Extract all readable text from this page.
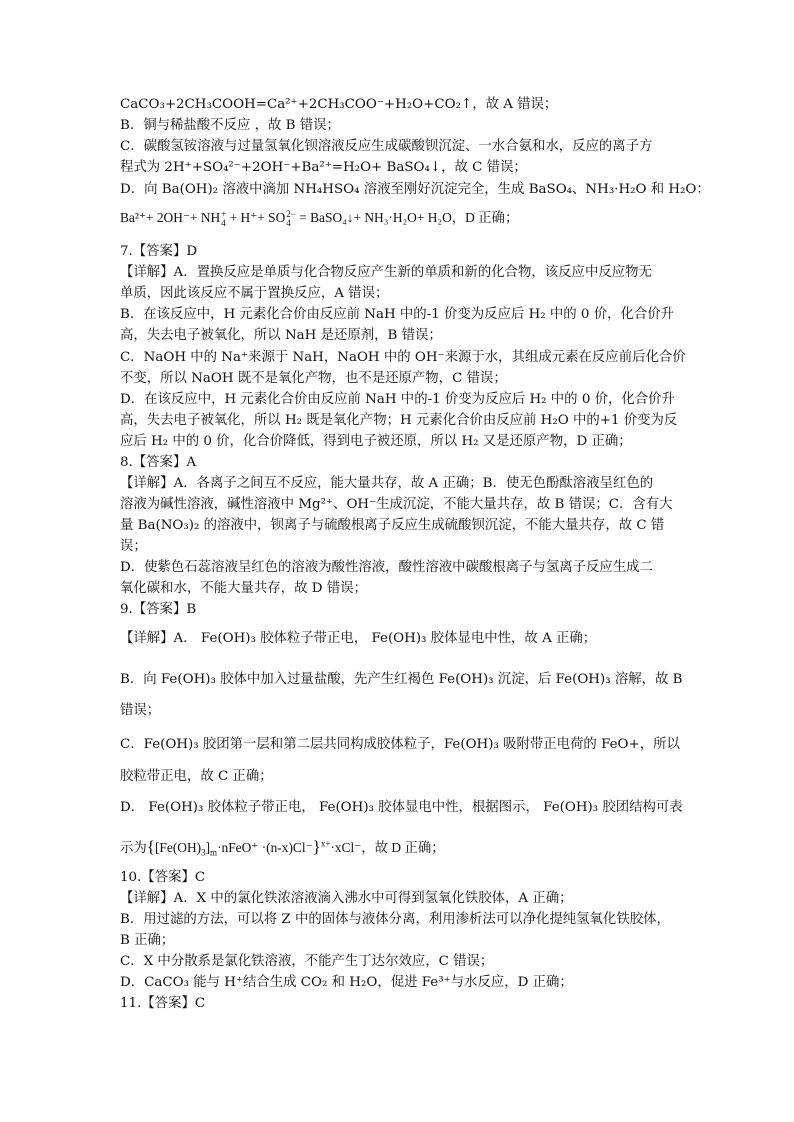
CaCO₃+2CH₃COOH=Ca²⁺+2CH₃COO⁻+H₂O+CO₂↑，故 A 错误；
B．铜与稀盐酸不反应 ，故 B 错误；
C．碳酸氢铵溶液与过量氢氧化钡溶液反应生成碳酸钡沉淀、一水合氨和水，反应的离子方
程式为 2H⁺+SO₄²⁻+2OH⁻+Ba²⁺=H₂O+ BaSO₄↓，故 C 错误；
D．向 Ba(OH)₂ 溶液中滴加 NH₄HSO₄ 溶液至刚好沉淀完全，生成 BaSO₄、NH₃·H₂O 和 H₂O：
Ba²⁺+ 2OH⁻+ NH +
4 + H⁺+ SO 2−
4 = BaSO₄↓+ NH₃·H₂O+ H₂O，D 正确；
7.【答案】D
【详解】A．置换反应是单质与化合物反应产生新的单质和新的化合物，该反应中反应物无
单质，因此该反应不属于置换反应，A 错误；
B．在该反应中，H 元素化合价由反应前 NaH 中的-1 价变为反应后 H₂ 中的 0 价，化合价升
高，失去电子被氧化，所以 NaH 是还原剂，B 错误；
C．NaOH 中的 Na⁺来源于 NaH，NaOH 中的 OH⁻来源于水，其组成元素在反应前后化合价
不变，所以 NaOH 既不是氧化产物，也不是还原产物，C 错误；
D．在该反应中，H 元素化合价由反应前 NaH 中的-1 价变为反应后 H₂ 中的 0 价，化合价升
高，失去电子被氧化，所以 H₂ 既是氧化产物；H 元素化合价由反应前 H₂O 中的+1 价变为反
应后 H₂ 中的 0 价，化合价降低，得到电子被还原，所以 H₂ 又是还原产物，D 正确；
8.【答案】A
【详解】A．各离子之间互不反应，能大量共存，故 A 正确；B．使无色酚酞溶液呈红色的
溶液为碱性溶液，碱性溶液中 Mg²⁺、OH⁻生成沉淀，不能大量共存，故 B 错误；C．含有大
量 Ba(NO₃)₂ 的溶液中，钡离子与硫酸根离子反应生成硫酸钡沉淀，不能大量共存，故 C 错
误；
D．使紫色石蕊溶液呈红色的溶液为酸性溶液，酸性溶液中碳酸根离子与氢离子反应生成二
氧化碳和水，不能大量共存，故 D 错误；
9.【答案】B
【详解】A． Fe(OH)₃ 胶体粒子带正电， Fe(OH)₃ 胶体显电中性，故 A 正确；
B．向 Fe(OH)₃ 胶体中加入过量盐酸，先产生红褐色 Fe(OH)₃ 沉淀，后 Fe(OH)₃ 溶解，故 B
错误；
C．Fe(OH)₃ 胶团第一层和第二层共同构成胶体粒子，Fe(OH)₃ 吸附带正电荷的 FeO+，所以
胶粒带正电，故 C 正确；
D． Fe(OH)₃ 胶体粒子带正电， Fe(OH)₃ 胶体显电中性，根据图示， Fe(OH)₃ 胶团结构可表
示为$\{[Fe(OH)_3]_m\cdot nFeO^+ \cdot(n-x)Cl^-\}^{x+}\cdot xCl^-$，故 D 正确；
10.【答案】C
【详解】A．X 中的氯化铁浓溶液滴入沸水中可得到氢氧化铁胶体，A 正确；
B．用过滤的方法，可以将 Z 中的固体与液体分离，利用渗析法可以净化提纯氢氧化铁胶体，
B 正确；
C．X 中分散系是氯化铁溶液，不能产生丁达尔效应，C 错误；
D．CaCO₃ 能与 H⁺结合生成 CO₂ 和 H₂O，促进 Fe³⁺与水反应，D 正确；
11.【答案】C
